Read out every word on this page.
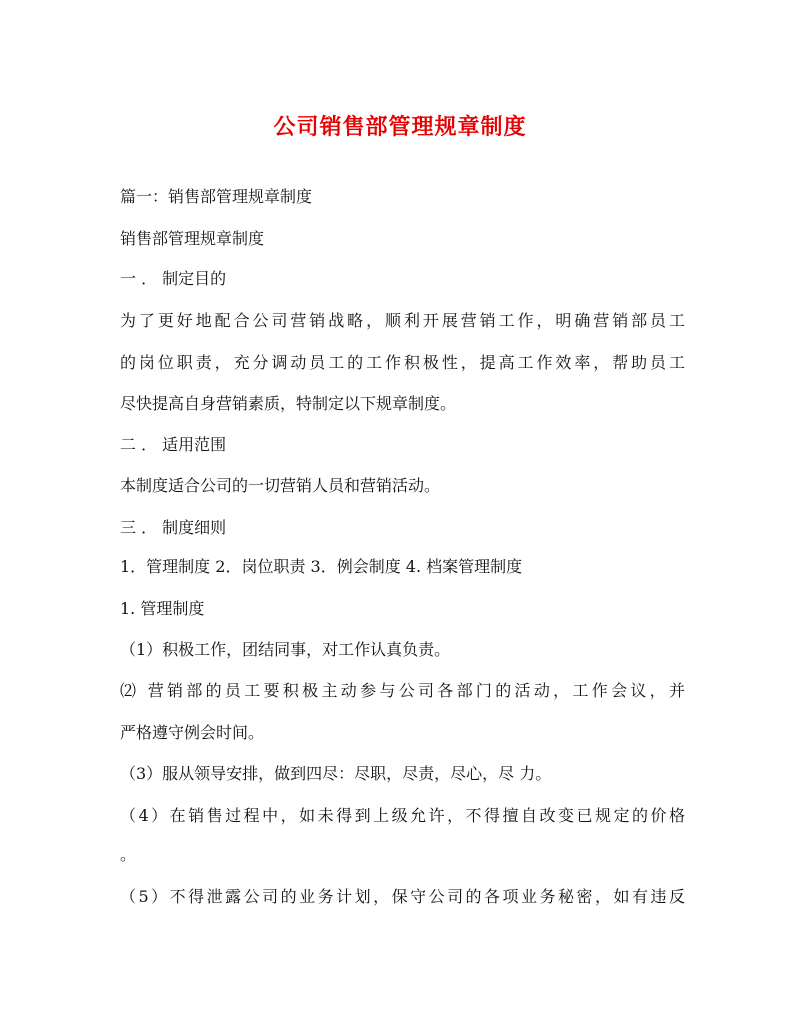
公司销售部管理规章制度
篇一：销售部管理规章制度
销售部管理规章制度
一 ． 制定目的
为了更好地配合公司营销战略，顺利开展营销工作，明确营销部员工
的岗位职责，充分调动员工的工作积极性，提高工作效率，帮助员工
尽快提高自身营销素质，特制定以下规章制度。
二 ． 适用范围
本制度适合公司的一切营销人员和营销活动。
三 ． 制度细则
1．管理制度 2．岗位职责 3．例会制度 4. 档案管理制度
1. 管理制度
（1）积极工作，团结同事，对工作认真负责。
⑵ 营销部的员工要积极主动参与公司各部门的活动，工作会议，并
严格遵守例会时间。
（3）服从领导安排，做到四尽：尽职，尽责，尽心，尽 力。
（4）在销售过程中，如未得到上级允许，不得擅自改变已规定的价格
。
（5）不得泄露公司的业务计划，保守公司的各项业务秘密，如有违反
